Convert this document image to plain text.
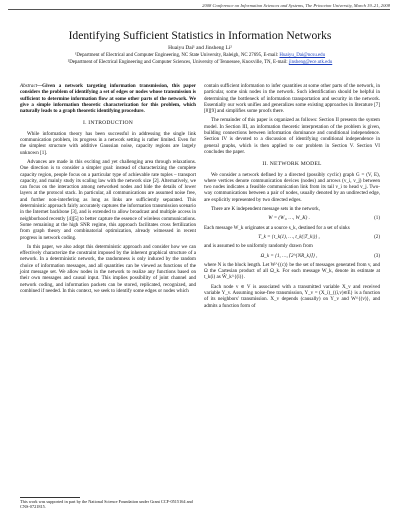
2008 Conference on Information Sciences and Systems, The Princeton University, March 19–21, 2008
Identifying Sufficient Statistics in Information Networks
Huaiyu Dai¹ and Jinsheng Li²
¹Department of Electrical and Computer Engineering, NC State University, Raleigh, NC 27695, E-mail: Huaiyu_Dai@ncsu.edu
²Department of Electrical Engineering and Computer Sciences, University of Tennessee, Knoxville, TN, E-mail: jinsheng@ece.utk.edu

Abstract—Given a network targeting information transmission, this paper considers the problem of identifying a set of edges or nodes whose transmission is sufficient to determine information flow at some other parts of the network. We give a simple information theoretic characterization for this problem, which naturally leads to a graph theoretic identifying procedure.

I. INTRODUCTION

While information theory has been successful in addressing the single link communication problem, its progress in a network setting is rather limited. Even for the simplest structure with additive Gaussian noise, capacity regions are largely unknown [1].

Advances are made in this exciting and yet challenging area through relaxations. One direction is to consider a simpler goal: instead of characterizing the complete capacity region, people focus on a particular type of achievable rate tuples – transport capacity, and mainly study its scaling law with the network size [2]. Alternatively, we can focus on the interaction among networked nodes and hide the details of lower layers at the protocol stack. In particular, all communications are assumed noise free, and further non-interfering as long as links are sufficiently separated. This deterministic approach fairly accurately captures the information transmission scenario in the Internet backbone [3], and is extended to allow broadcast and multiple access in neighborhood recently [4][5] to better capture the essence of wireless communications. Some remaining at the high SNR regime, this approach facilitates cross fertilization from graph theory and combinatorial optimization, already witnessed in recent progress in network coding.

In this paper, we also adopt this deterministic approach and consider how we can effectively characterize the constraint imposed by the inherent graphical structure of a network. In a deterministic network, the randomness is only induced by the random choice of information messages, and all quantities can be viewed as functions of the joint message set. We allow nodes in the network to realize any functions based on their own messages and causal input. This implies possibility of joint channel and network coding, and information packets can be stored, replicated, recognized, and combined if needed. In this context, we seek to identify some edges or nodes which

This work was supported in part by the National Science Foundation under Grant CCF-0515164 and CNS-0721815.

contain sufficient information to infer quantities at some other parts of the network, in particular, some sink nodes in the network. Such identification should be helpful in determining the bottleneck of information transportation and security in the network. Essentially our work unifies and generalizes some existing approaches in literature [7][8][9] and simplifies some proofs there.

The remainder of this paper is organized as follows: Section II presents the system model. In Section III, an information theoretic interpretation of the problem is given, building connections between information dominance and conditional independence. Section IV is devoted to a discussion of identifying conditional independence in general graphs, which is then applied to our problem in Section V. Section VI concludes the paper.

II. NETWORK MODEL

We consider a network defined by a directed (possibly cyclic) graph G = (V, E), where vertices denote communication devices (nodes) and arrows (v_i, v_j) between two nodes indicates a feasible communication link from its tail v_i to head v_j. Two-way communications between a pair of nodes, usually denoted by an undirected edge, are explicitly represented by two directed edges.

There are K independent message sets in the network,

W = (W₁, …, W_K) .	(1)

Each message W_k originates at a source s_k, destined for a set of sinks

T_k = {t_k(1), …, t_k(|T_k|)} ,	(2)

and is assumed to be uniformly randomly drawn from

Ω_k = {1, …, ⌈2^{NR_k}⌉} ,	(3)

where N is the block length. Let W^{(c)} be the set of messages generated from v, and Ω the Cartesian product of all Ω_k. For each message W_k, denote its estimate at t_k(i) as Ŵ_k^{(i)}.

Each node v ∈ V is associated with a transmitted variable X_v and received variable Y_v. Assuming noise-free transmission, Y_v = (X_i)_{(i,v)∈E} is a function of its neighbors' transmission. X_v depends (causally) on Y_v and W^{(v)}, and admits a function form of
